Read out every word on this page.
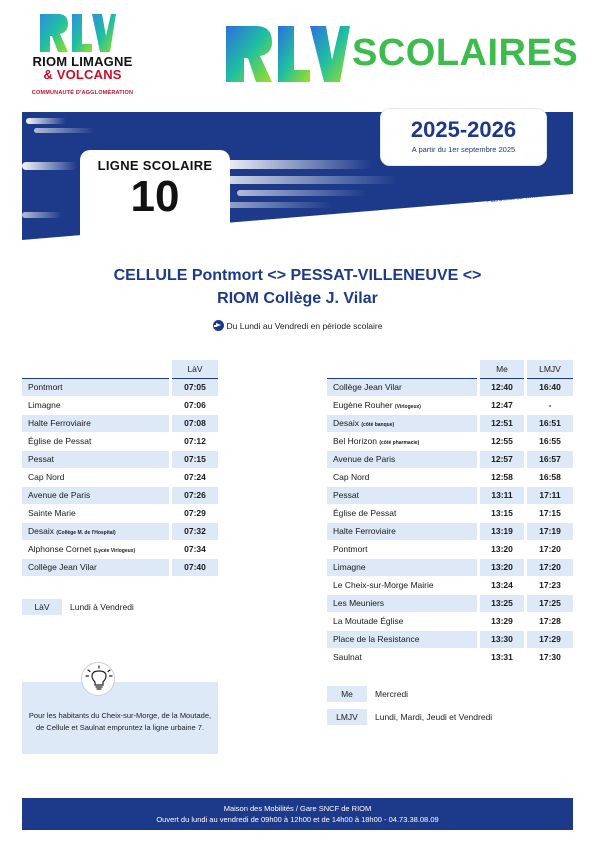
RIOM LIMAGNE
& VOLCANS
COMMUNAUTÉ D'AGGLOMÉRATION
SCOLAIRES
LIGNE SCOLAIRE
10
2025-2026
A partir du 1er septembre 2025
Plus d'infos sur www.rlv-mobilites.fr
CELLULE Pontmort <> PESSAT-VILLENEUVE <>
RIOM Collège J. Vilar
Du Lundi au Vendredi en période scolaire
		LàV
Pontmort		07:05
Limagne		07:06
Halte Ferroviaire		07:08
Église de Pessat		07:12
Pessat		07:15
Cap Nord		07:24
Avenue de Paris		07:26
Sainte Marie		07:29
Desaix (Collège M. de l'Hospital)		07:32
Alphonse Cornet (Lycée Virlogeux)		07:34
Collège Jean Vilar		07:40
		Me		LMJV
Collège Jean Vilar		12:40		16:40
Eugène Rouher (Virlogeux)		12:47		-
Desaix (côté banque)		12:51		16:51
Bel Horizon (côté pharmacie)		12:55		16:55
Avenue de Paris		12:57		16:57
Cap Nord		12:58		16:58
Pessat		13:11		17:11
Église de Pessat		13:15		17:15
Halte Ferroviaire		13:19		17:19
Pontmort		13:20		17:20
Limagne		13:20		17:20
Le Cheix-sur-Morge Mairie		13:24		17:23
Les Meuniers		13:25		17:25
La Moutade Église		13:29		17:28
Place de la Resistance		13:30		17:29
Saulnat		13:31		17:30
LàV Lundi à Vendredi
Me	Mercredi
LMJV Lundi, Mardi, Jeudi et Vendredi
Pour les habitants du Cheix-sur-Morge, de la Moutade, de Cellule et Saulnat empruntez la ligne urbaine 7.
Maison des Mobilités / Gare SNCF de RIOM
Ouvert du lundi au vendredi de 09h00 à 12h00 et de 14h00 à 18h00 - 04.73.38.08.09
